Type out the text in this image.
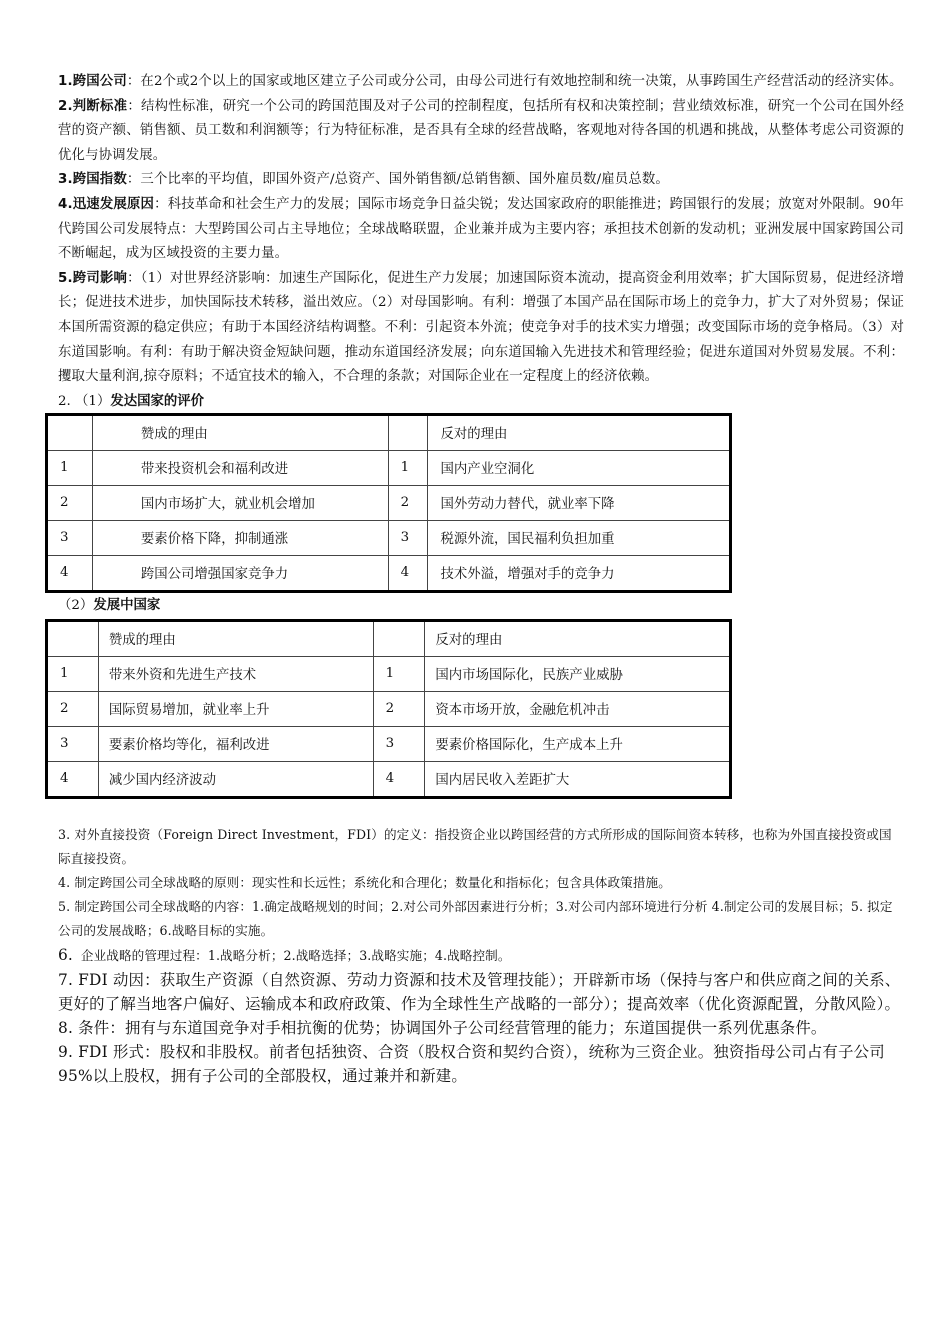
1.跨国公司：在2个或2个以上的国家或地区建立子公司或分公司，由母公司进行有效地控制和统一决策，从事跨国生产经营活动的经济实体。

2.判断标准：结构性标准，研究一个公司的跨国范围及对子公司的控制程度，包括所有权和决策控制；营业绩效标准，研究一个公司在国外经营的资产额、销售额、员工数和利润额等；行为特征标准，是否具有全球的经营战略，客观地对待各国的机遇和挑战，从整体考虑公司资源的优化与协调发展。

3.跨国指数：三个比率的平均值，即国外资产/总资产、国外销售额/总销售额、国外雇员数/雇员总数。

4.迅速发展原因：科技革命和社会生产力的发展；国际市场竞争日益尖锐；发达国家政府的职能推进；跨国银行的发展；放宽对外限制。90年代跨国公司发展特点：大型跨国公司占主导地位；全球战略联盟，企业兼并成为主要内容；承担技术创新的发动机；亚洲发展中国家跨国公司不断崛起，成为区域投资的主要力量。

5.跨司影响：（1）对世界经济影响：加速生产国际化，促进生产力发展；加速国际资本流动，提高资金利用效率；扩大国际贸易，促进经济增长；促进技术进步，加快国际技术转移，溢出效应。（2）对母国影响。有利：增强了本国产品在国际市场上的竞争力，扩大了对外贸易；保证本国所需资源的稳定供应；有助于本国经济结构调整。不利：引起资本外流；使竞争对手的技术实力增强；改变国际市场的竞争格局。（3）对东道国影响。有利：有助于解决资金短缺问题，推动东道国经济发展；向东道国输入先进技术和管理经验；促进东道国对外贸易发展。不利：攫取大量利润,掠夺原料；不适宜技术的输入，不合理的条款；对国际企业在一定程度上的经济依赖。

2. （1）发达国家的评价

	赞成的理由		反对的理由
1	带来投资机会和福利改进	1	国内产业空洞化
2	国内市场扩大，就业机会增加	2	国外劳动力替代，就业率下降
3	要素价格下降，抑制通涨	3	税源外流，国民福利负担加重
4	跨国公司增强国家竞争力	4	技术外溢，增强对手的竞争力

（2）发展中国家

	赞成的理由		反对的理由
1	带来外资和先进生产技术	1	国内市场国际化，民族产业威胁
2	国际贸易增加，就业率上升	2	资本市场开放，金融危机冲击
3	要素价格均等化，福利改进	3	要素价格国际化，生产成本上升
4	减少国内经济波动	4	国内居民收入差距扩大

3. 对外直接投资（Foreign Direct Investment，FDI）的定义：指投资企业以跨国经营的方式所形成的国际间资本转移，也称为外国直接投资或国际直接投资。

4. 制定跨国公司全球战略的原则：现实性和长远性；系统化和合理化；数量化和指标化；包含具体政策措施。

5. 制定跨国公司全球战略的内容：1.确定战略规划的时间；2.对公司外部因素进行分析；3.对公司内部环境进行分析 4.制定公司的发展目标；5. 拟定公司的发展战略；6.战略目标的实施。

6. 企业战略的管理过程：1.战略分析；2.战略选择；3.战略实施；4.战略控制。

7. FDI 动因：获取生产资源（自然资源、劳动力资源和技术及管理技能）；开辟新市场（保持与客户和供应商之间的关系、更好的了解当地客户偏好、运输成本和政府政策、作为全球性生产战略的一部分）；提高效率（优化资源配置，分散风险）。

8. 条件：拥有与东道国竞争对手相抗衡的优势；协调国外子公司经营管理的能力；东道国提供一系列优惠条件。

9. FDI 形式：股权和非股权。前者包括独资、合资（股权合资和契约合资），统称为三资企业。独资指母公司占有子公司 95%以上股权，拥有子公司的全部股权，通过兼并和新建。
